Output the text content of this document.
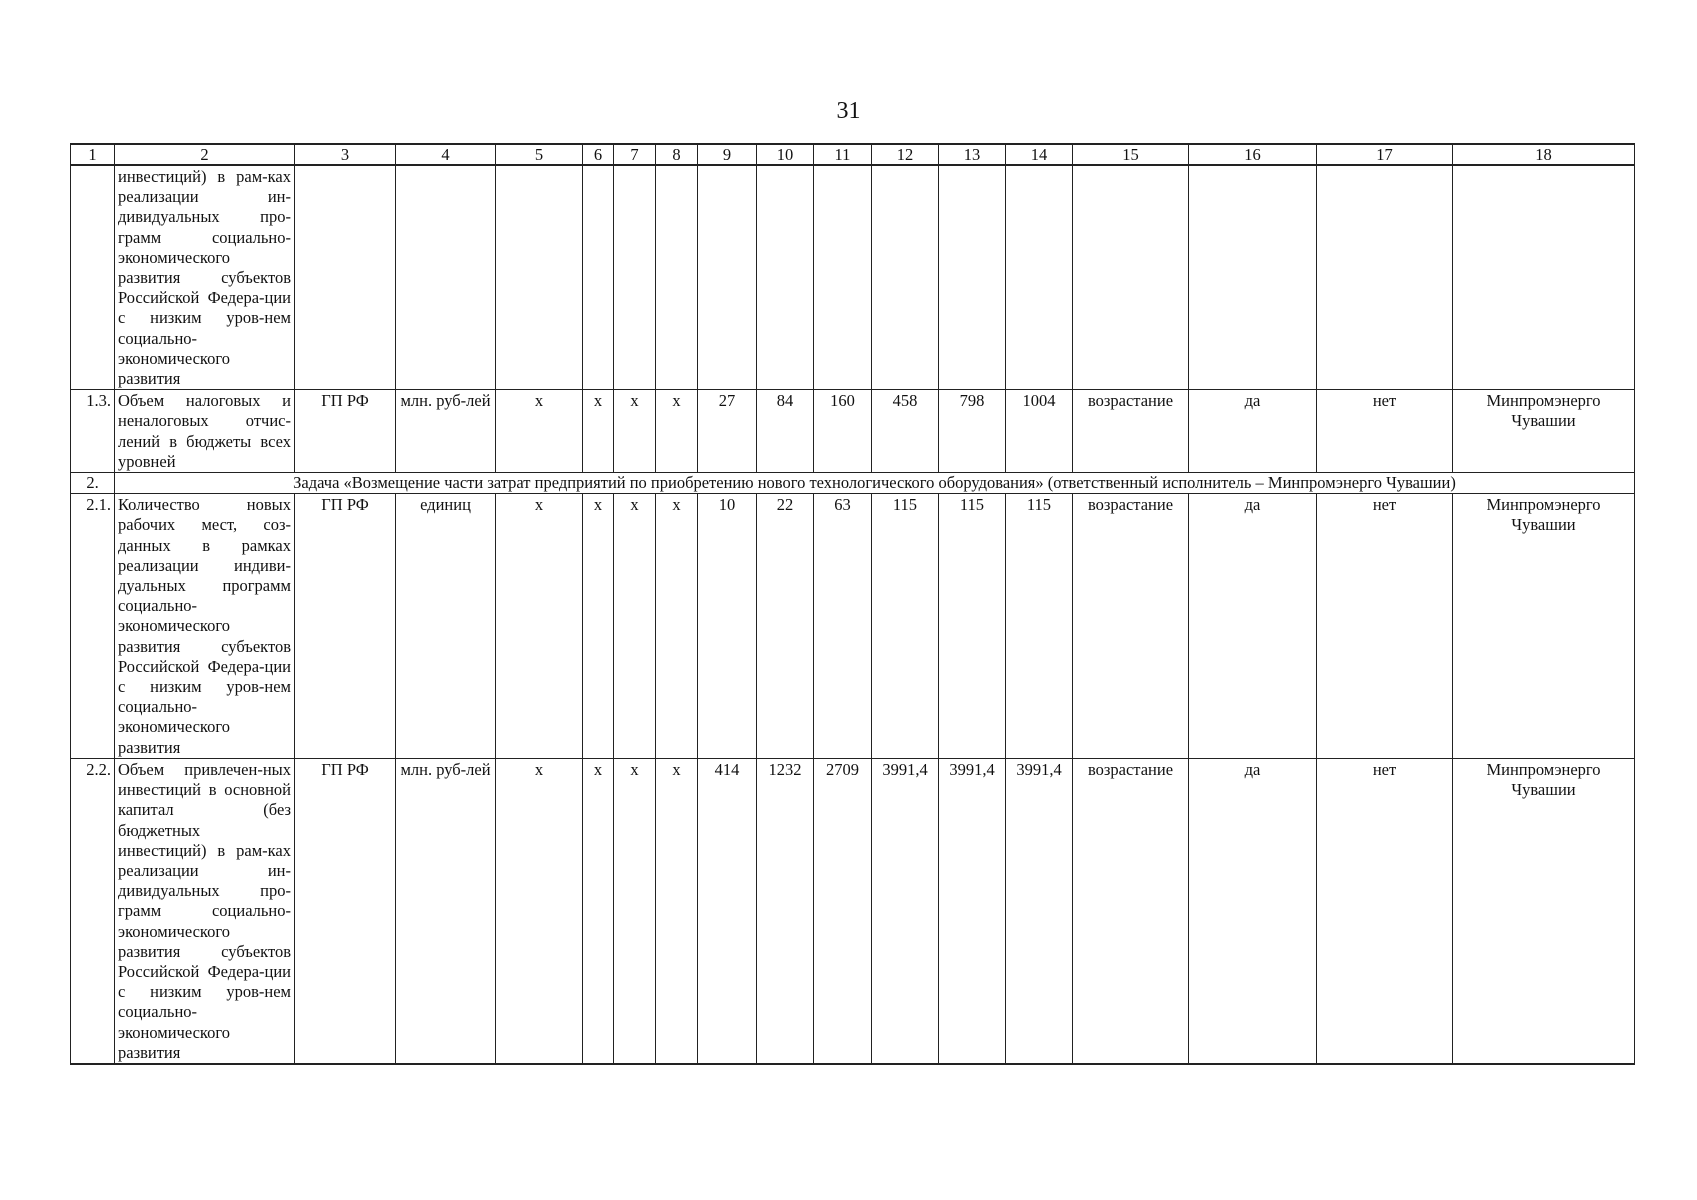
31
1	2	3	4	5	6	7	8	9	10	11	12	13	14	15	16	17	18
	инвестиций) в рам-ках реализации ин-дивидуальных про-грамм социально-экономического развития субъектов Российской Федера-ции с низким уров-нем социально-экономического развития																
1.3.	Объем налоговых и неналоговых отчис-лений в бюджеты всех уровней	ГП РФ	млн. руб-лей	х	х	х	х	27	84	160	458	798	1004	возрастание	да	нет	Минпромэнерго Чувашии
2.	Задача «Возмещение части затрат предприятий по приобретению нового технологического оборудования» (ответственный исполнитель – Минпромэнерго Чувашии)																
2.1.	Количество новых рабочих мест, соз-данных в рамках реализации индиви-дуальных программ социально-экономического развития субъектов Российской Федера-ции с низким уров-нем социально-экономического развития	ГП РФ	единиц	х	х	х	х	10	22	63	115	115	115	возрастание	да	нет	Минпромэнерго Чувашии
2.2.	Объем привлечен-ных инвестиций в основной капитал (без бюджетных инвестиций) в рам-ках реализации ин-дивидуальных про-грамм социально-экономического развития субъектов Российской Федера-ции с низким уров-нем социально-экономического развития	ГП РФ	млн. руб-лей	х	х	х	х	414	1232	2709	3991,4	3991,4	3991,4	возрастание	да	нет	Минпромэнерго Чувашии
